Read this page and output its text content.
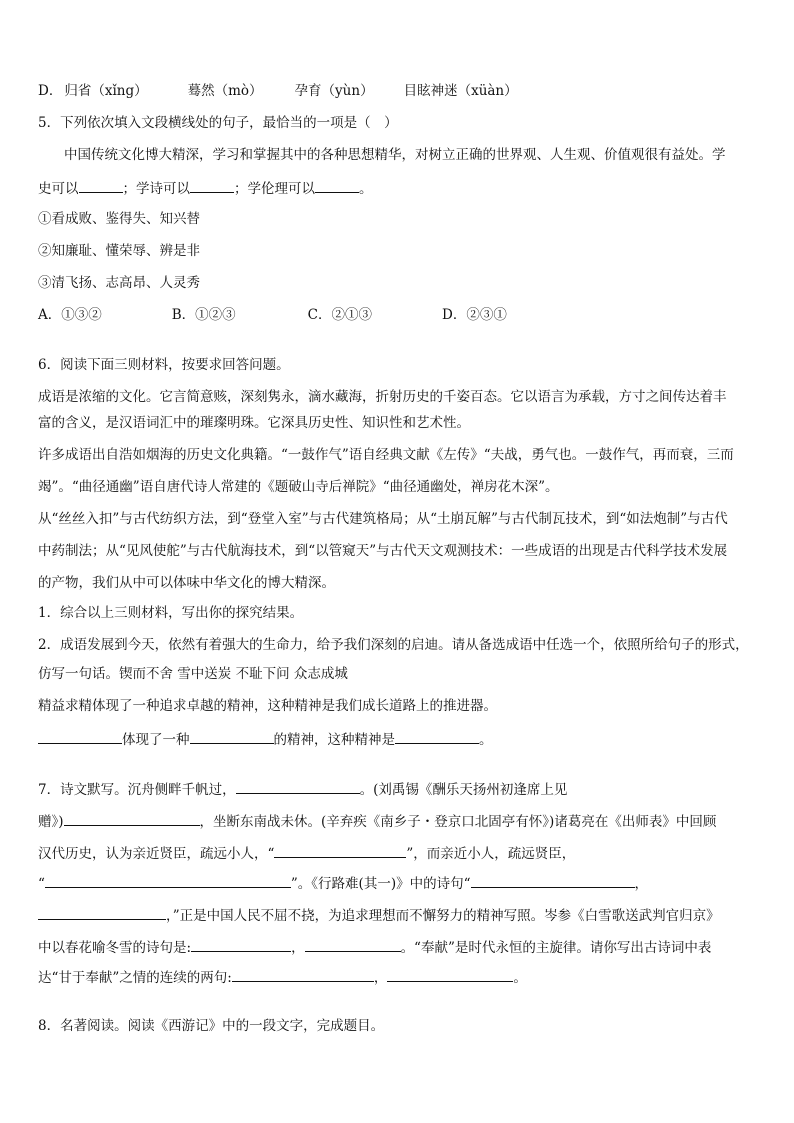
D． 归省（xǐng）	蓦然（mò） 孕育（yùn） 目眩神迷（xüàn）
5．下列依次填入文段横线处的句子，最恰当的一项是（　）
中国传统文化博大精深，学习和掌握其中的各种思想精华，对树立正确的世界观、人生观、价值观很有益处。学
史可以	；学诗可以	；学伦理可以	。
①看成败、鉴得失、知兴替
②知廉耻、懂荣辱、辨是非
③清飞扬、志高昂、人灵秀
A．①③②	B．①②③	C．②①③	D．②③①
6．阅读下面三则材料，按要求回答问题。
成语是浓缩的文化。它言简意赅，深刻隽永，滴水藏海，折射历史的千姿百态。它以语言为承载，方寸之间传达着丰
富的含义，是汉语词汇中的璀璨明珠。它深具历史性、知识性和艺术性。
许多成语出自浩如烟海的历史文化典籍。“一鼓作气”语自经典文献《左传》“夫战，勇气也。一鼓作气，再而衰，三而
竭”。“曲径通幽”语自唐代诗人常建的《题破山寺后禅院》“曲径通幽处，禅房花木深”。
从“丝丝入扣”与古代纺织方法，到“登堂入室”与古代建筑格局；从“土崩瓦解”与古代制瓦技术，到“如法炮制”与古代
中药制法；从“见风使舵”与古代航海技术，到“以管窥天”与古代天文观测技术：一些成语的出现是古代科学技术发展
的产物，我们从中可以体味中华文化的博大精深。
1．综合以上三则材料，写出你的探究结果。
2．成语发展到今天，依然有着强大的生命力，给予我们深刻的启迪。请从备选成语中任选一个，依照所给句子的形式，
仿写一句话。锲而不舍 雪中送炭 不耻下问 众志成城
精益求精体现了一种追求卓越的精神，这种精神是我们成长道路上的推进器。
体现了一种	的精神，这种精神是	。
7．诗文默写。沉舟侧畔千帆过，	。(刘禹锡《酬乐天扬州初逢席上见
赠》)	，坐断东南战未休。(辛弃疾《南乡子・登京口北固亭有怀》)诸葛亮在《出师表》中回顾
汉代历史，认为亲近贤臣，疏远小人，“	”，而亲近小人，疏远贤臣，
“	”。《行路难(其一)》中的诗句“	，
，”正是中国人民不屈不挠，为追求理想而不懈努力的精神写照。岑参《白雪歌送武判官归京》
中以春花喻冬雪的诗句是:	，	。“奉献”是时代永恒的主旋律。请你写出古诗词中表
达“甘于奉献”之情的连续的两句:	，	。
8．名著阅读。阅读《西游记》中的一段文字，完成题目。
